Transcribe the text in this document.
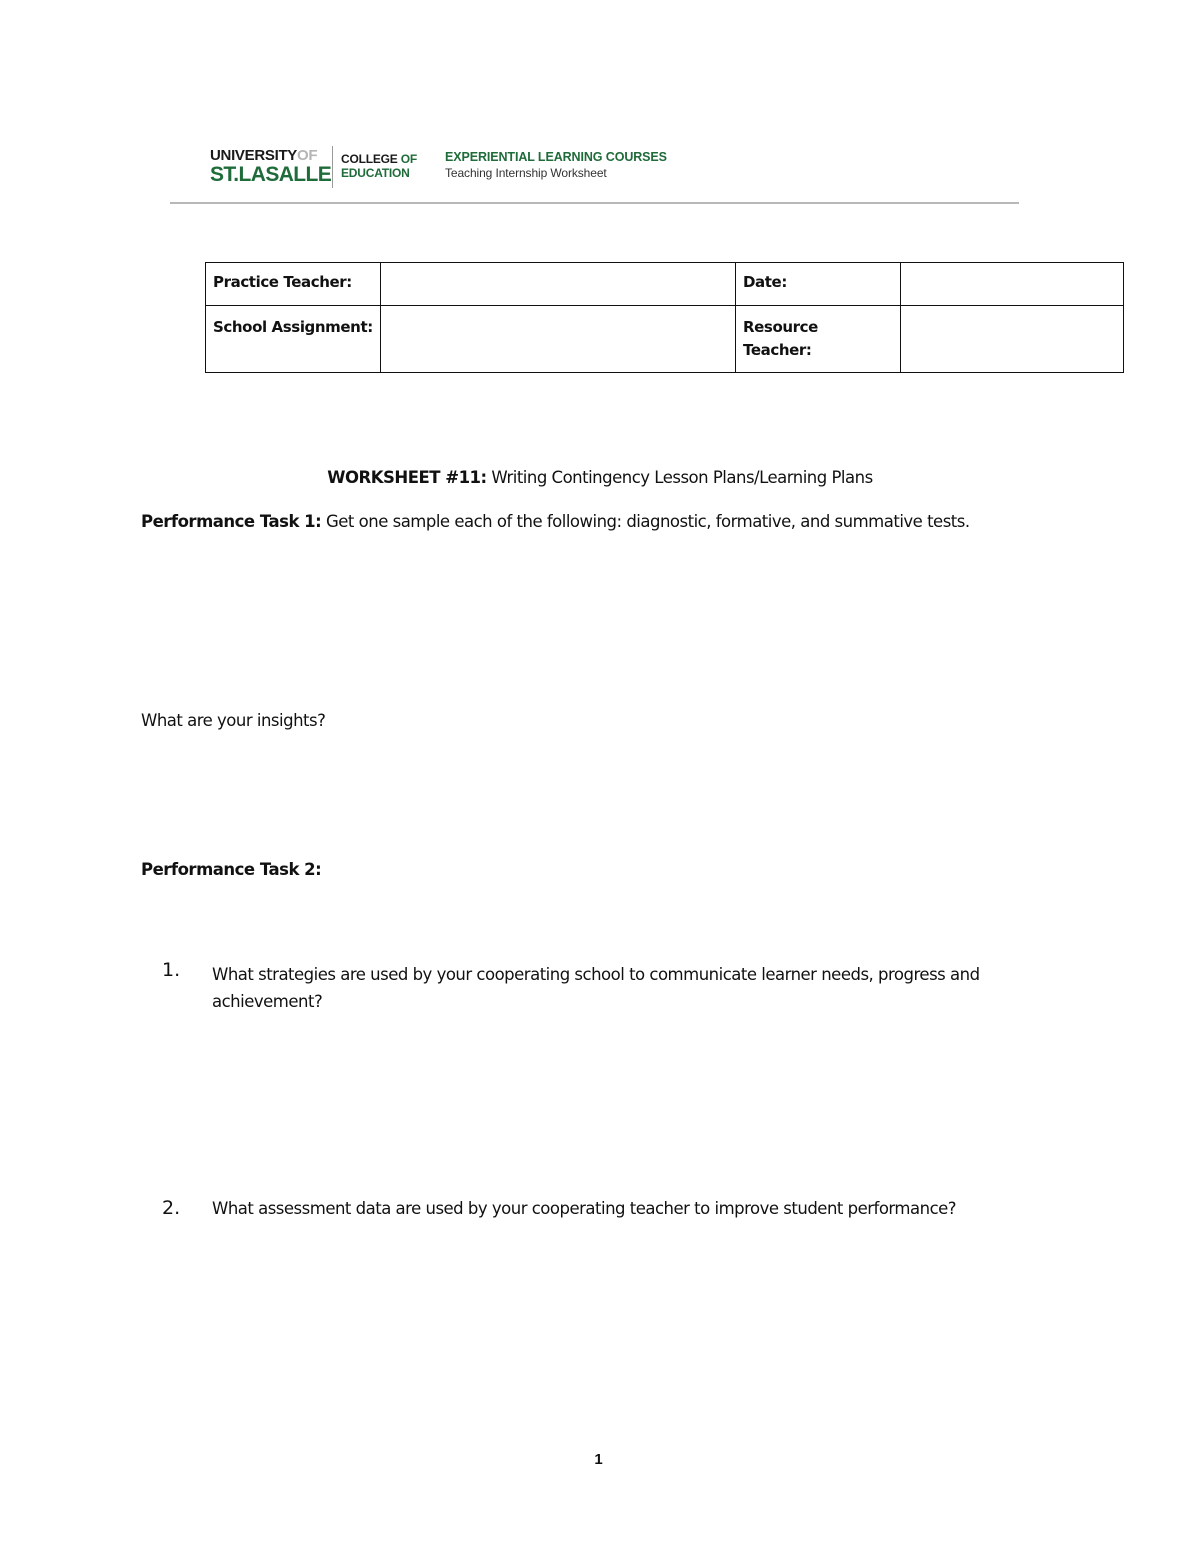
UNIVERSITYOF
ST.LASALLE
COLLEGE OF
EDUCATION
EXPERIENTIAL LEARNING COURSES
Teaching Internship Worksheet
Practice Teacher:		Date:	
School Assignment:		Resource
Teacher:	
WORKSHEET #11: Writing Contingency Lesson Plans/Learning Plans
Performance Task 1: Get one sample each of the following: diagnostic, formative, and summative tests.
What are your insights?
Performance Task 2:
1. What strategies are used by your cooperating school to communicate learner needs, progress and achievement?
2. What assessment data are used by your cooperating teacher to improve student performance?
1
